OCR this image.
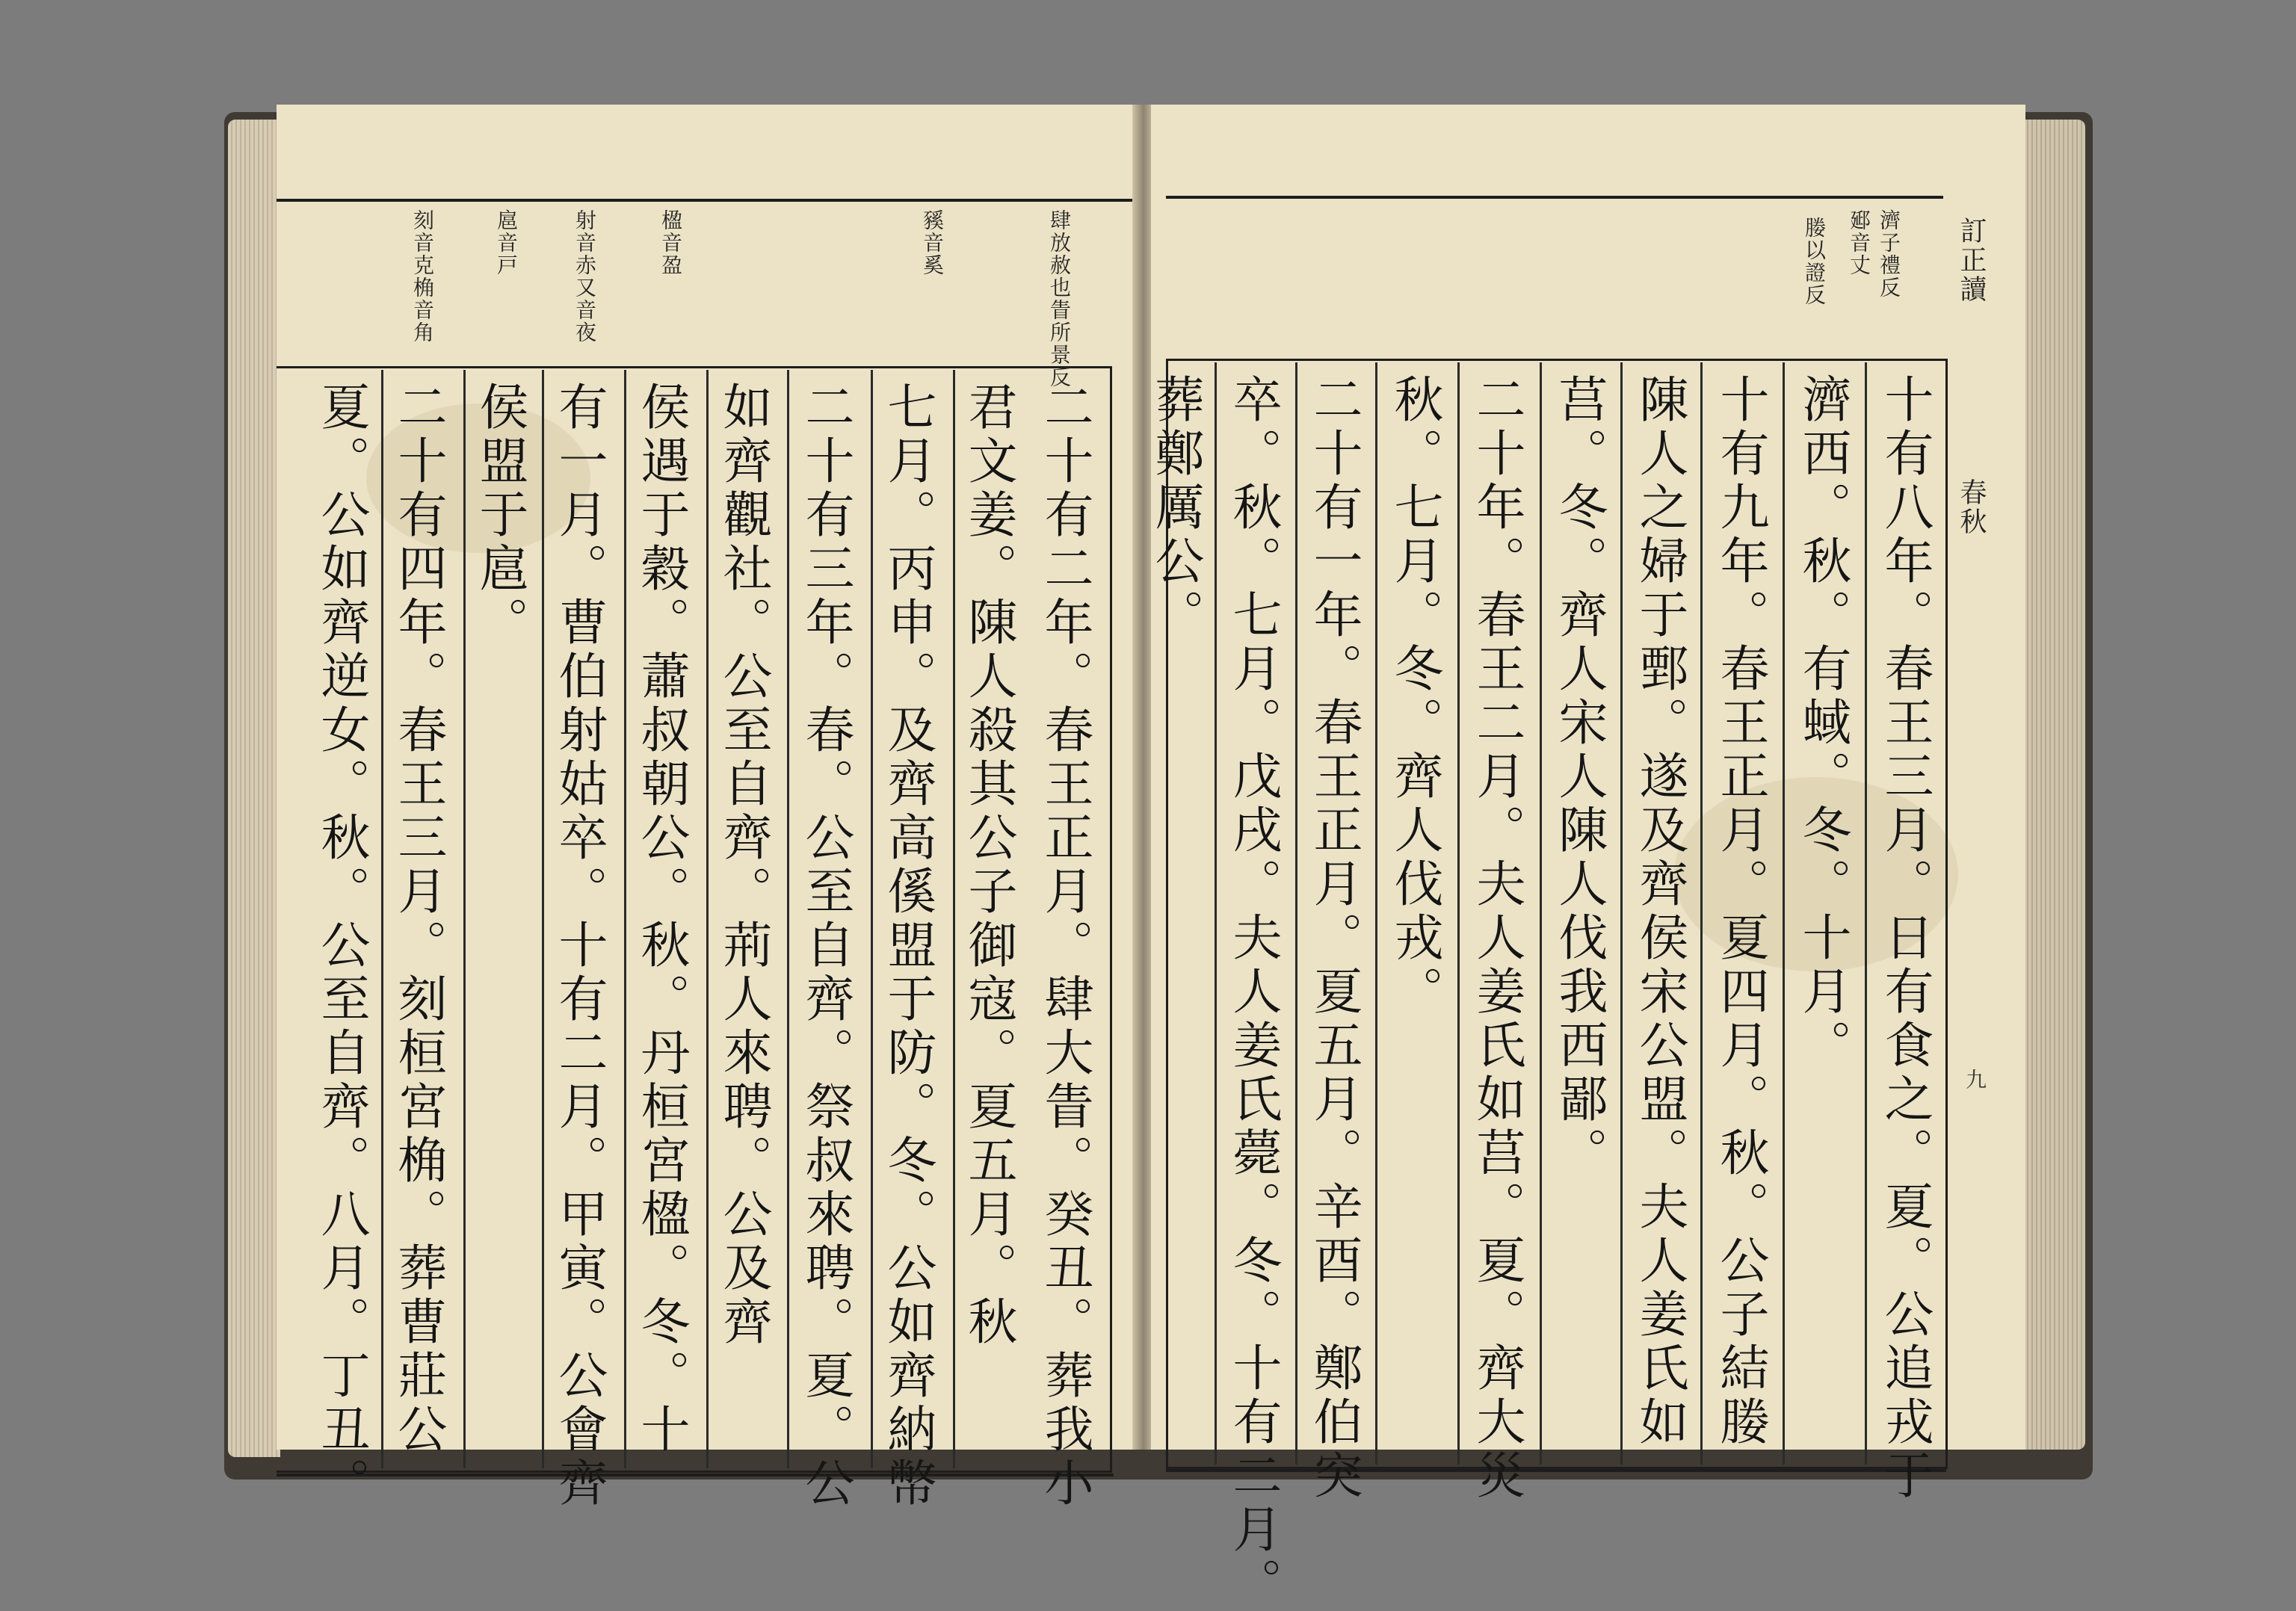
肆放赦也眚所景反
豯音奚
楹音盈
射音赤又音夜
扈音戸
刻音克桷音角
二十有二年。春王正月。肆大眚。癸丑。葬我小
君文姜。陳人殺其公子御寇。夏五月。秋
七月。丙申。及齊高傒盟于防。冬。公如齊納幣
二十有三年。春。公至自齊。祭叔來聘。夏。公
如齊觀社。公至自齊。荊人來聘。公及齊
侯遇于穀。蕭叔朝公。秋。丹桓宮楹。冬。十
有一月。曹伯射姑卒。十有二月。甲寅。公會齊
侯盟于扈。
二十有四年。春王三月。刻桓宮桷。葬曹莊公
夏。公如齊逆女。秋。公至自齊。八月。丁丑。
訂正讀
春秋
九
濟子禮反
郔音丈
媵以證反
十有八年。春王三月。日有食之。夏。公追戎于
濟西。秋。有蜮。冬。十月。
十有九年。春王正月。夏四月。秋。公子結媵
陳人之婦于鄄。遂及齊侯宋公盟。夫人姜氏如
莒。冬。齊人宋人陳人伐我西鄙。
二十年。春王二月。夫人姜氏如莒。夏。齊大災
秋。七月。冬。齊人伐戎。
二十有一年。春王正月。夏五月。辛酉。鄭伯突
卒。秋。七月。戊戌。夫人姜氏薨。冬。十有二月。
葬鄭厲公。
